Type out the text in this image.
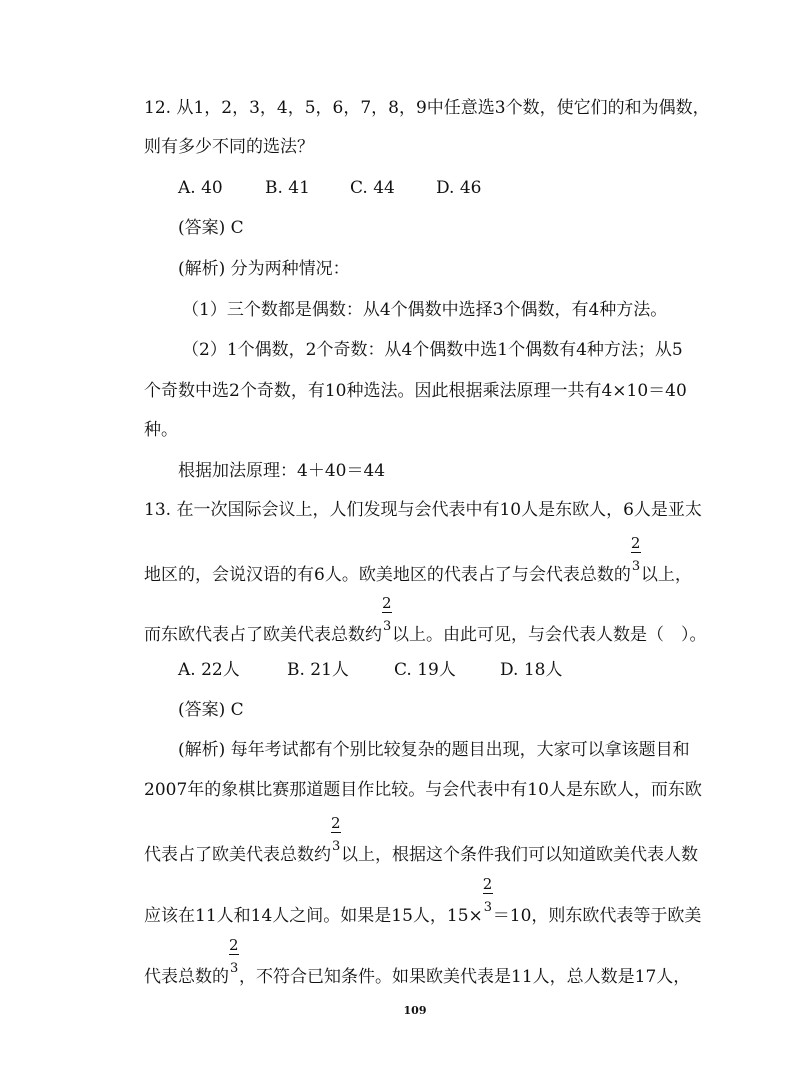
12. 从1，2，3，4，5，6，7，8，9中任意选3个数，使它们的和为偶数，
则有多少不同的选法？
A. 40 B. 41 C. 44 D. 46
(答案) C
(解析) 分为两种情况：
（1）三个数都是偶数：从4个偶数中选择3个偶数，有4种方法。
（2）1个偶数，2个奇数：从4个偶数中选1个偶数有4种方法；从5
个奇数中选2个奇数，有10种选法。因此根据乘法原理一共有4×10＝40
种。
根据加法原理：4＋40＝44
13. 在一次国际会议上，人们发现与会代表中有10人是东欧人，6人是亚太
地区的，会说汉语的有6人。欧美地区的代表占了与会代表总数的 $\frac{2}{3}$ 以上，
而东欧代表占了欧美代表总数约 $\frac{2}{3}$ 以上。由此可见，与会代表人数是（　）。
A. 22人	B. 21人	C. 19人	D. 18人
(答案) C
(解析) 每年考试都有个别比较复杂的题目出现，大家可以拿该题目和
2007年的象棋比赛那道题目作比较。与会代表中有10人是东欧人，而东欧
代表占了欧美代表总数约 $\frac{2}{3}$ 以上，根据这个条件我们可以知道欧美代表人数
应该在11人和14人之间。如果是15人，$15\times \frac{2}{3} =10$，则东欧代表等于欧美
代表总数的 $\frac{2}{3}$ ，不符合已知条件。如果欧美代表是11人，总人数是17人，
109
